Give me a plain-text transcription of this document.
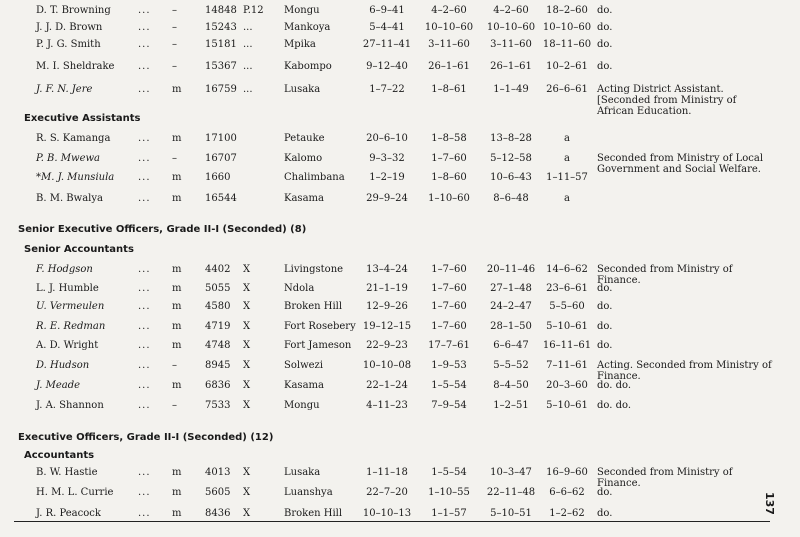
Executive Assistants
Senior Executive Officers, Grade II-I (Seconded) (8)
Senior Accountants
Executive Officers, Grade II-I (Seconded) (12)
Accountants
137
D. T. Browning	... –	14848 P.12 Mongu	6–9–41	4–2–60	4–2–60	18–2–60 do.
J. J. D. Brown	... –	15243 ...	Mankoya	5–4–41	10–10–60	10–10–60 10–10–60 do.
P. J. G. Smith	... –	15181 ...	Mpika	27–11–41	3–11–60	3–11–60	18–11–60 do.
M. I. Sheldrake ... –	15367 ...	Kabompo	9–12–40	26–1–61	26–1–61	10–2–61 do.
J. F. N. Jere	... m 16759 ...	Lusaka	1–7–22	1–8–61	1–1–49	26–6–61 Acting District Assistant. [Seconded from Ministry of African Education.
R. S. Kamanga	... m 17100	Petauke	20–6–10	1–8–58	13–8–28	a
P. B. Mwewa	... –	16707	Kalomo	9–3–32	1–7–60	5–12–58	a	Seconded from Ministry of Local Government and Social Welfare.
*M. J. Munsiula ... m 1660	Chalimbana	1–2–19	1–8–60	10–6–43	1–11–57
B. M. Bwalya	... m 16544	Kasama	29–9–24	1–10–60	8–6–48	a
F. Hodgson	... m 4402 X	Livingstone	13–4–24	1–7–60	20–11–46	14–6–62 Seconded from Ministry of Finance.
L. J. Humble	... m 5055 X	Ndola	21–1–19	1–7–60	27–1–48	23–6–61 do.
U. Vermeulen	... m 4580 X	Broken Hill	12–9–26	1–7–60	24–2–47	5–5–60	do.
R. E. Redman	... m 4719 X	Fort Rosebery 19–12–15	1–7–60	28–1–50	5–10–61 do.
A. D. Wright	... m 4748 X	Fort Jameson	22–9–23	17–7–61	6–6–47	16–11–61 do.
D. Hudson	... –	8945 X	Solwezi	10–10–08	1–9–53	5–5–52	7–11–61 Acting. Seconded from Ministry of Finance.
J. Meade	... m 6836 X	Kasama	22–1–24	1–5–54	8–4–50	20–3–60 do. do.
J. A. Shannon	... –	7533 X	Mongu	4–11–23	7–9–54	1–2–51	5–10–61 do. do.
B. W. Hastie	... m 4013 X	Lusaka	1–11–18	1–5–54	10–3–47	16–9–60 Seconded from Ministry of Finance.
H. M. L. Currie ... m 5605 X	Luanshya	22–7–20	1–10–55	22–11–48	6–6–62	do.
J. R. Peacock	... m 8436 X	Broken Hill	10–10–13	1–1–57	5–10–51	1–2–62	do.
